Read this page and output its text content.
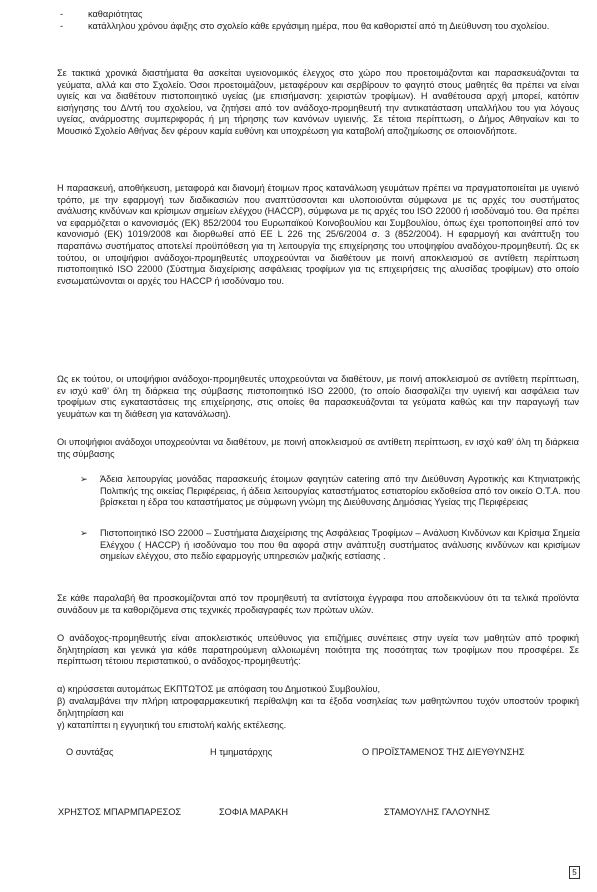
-	καθαριότητας
-	κατάλληλου χρόνου άφιξης στο σχολείο κάθε εργάσιμη ημέρα, που θα καθοριστεί από τη Διεύθυνση του σχολείου.
Σε τακτικά χρονικά διαστήματα θα ασκείται υγειονομικός έλεγχος στο χώρο που προετοιμάζονται και παρασκευάζονται τα γεύματα, αλλά και στο Σχολείο. Όσοι προετοιμάζουν, μεταφέρουν και σερβίρουν το φαγητό στους μαθητές θα πρέπει να είναι υγιείς και να διαθέτουν πιστοποιητικό υγείας (με επισήμανση: χειριστών τροφίμων). Η αναθέτουσα αρχή μπορεί, κατόπιν εισήγησης του Δ/ντή του σχολείου, να ζητήσει από τον ανάδοχο-προμηθευτή την αντικατάσταση υπαλλήλου του για λόγους υγείας, ανάρμοστης συμπεριφοράς ή μη τήρησης των κανόνων υγιεινής. Σε τέτοια περίπτωση, ο Δήμος Αθηναίων και το Μουσικό Σχολείο Αθήνας δεν φέρουν καμία ευθύνη και υποχρέωση για καταβολή αποζημίωσης σε οποιονδήποτε.
Η παρασκευή, αποθήκευση, μεταφορά και διανομή έτοιμων προς κατανάλωση γευμάτων πρέπει να πραγματοποιείται με υγιεινό τρόπο, με την εφαρμογή των διαδικασιών που αναπτύσσονται και υλοποιούνται σύμφωνα με τις αρχές του συστήματος ανάλυσης κινδύνων και κρίσιμων σημείων ελέγχου (HACCP), σύμφωνα με τις αρχές του ISO 22000 ή ισοδύναμό του. Θα πρέπει να εφαρμόζεται ο κανονισμός (ΕΚ) 852/2004 του Ευρωπαϊκού Κοινοβουλίου και Συμβουλίου, όπως έχει τροποποιηθεί από τον κανονισμό (ΕΚ) 1019/2008 και διορθωθεί από ΕΕ L 226 της 25/6/2004 σ. 3 (852/2004). Η εφαρμογή και ανάπτυξη του παραπάνω συστήματος αποτελεί προϋπόθεση για τη λειτουργία της επιχείρησης του υποψηφίου αναδόχου-προμηθευτή. Ως εκ τούτου, οι υποψήφιοι ανάδοχοι-προμηθευτές υποχρεούνται να διαθέτουν με ποινή αποκλεισμού σε αντίθετη περίπτωση πιστοποιητικό ISO 22000 (Σύστημα διαχείρισης ασφάλειας τροφίμων για τις επιχειρήσεις της αλυσίδας τροφίμων) στο οποίο ενσωματώνονται οι αρχές του HACCP ή ισοδύναμο του.
Ως εκ τούτου, οι υποψήφιοι ανάδοχοι-προμηθευτές υποχρεούνται να διαθέτουν, με ποινή αποκλεισμού σε αντίθετη περίπτωση, εν ισχύ καθ’ όλη τη διάρκεια της σύμβασης πιστοποιητικό ISO 22000, (το οποίο διασφαλίζει την υγιεινή και ασφάλεια των τροφίμων στις εγκαταστάσεις της επιχείρησης, στις οποίες θα παρασκευάζονται τα γεύματα καθώς και την παραγωγή των γευμάτων και τη διάθεση για κατανάλωση).
Οι υποψήφιοι ανάδοχοι υποχρεούνται να διαθέτουν, με ποινή αποκλεισμού σε αντίθετη περίπτωση, εν ισχύ καθ’ όλη τη διάρκεια της σύμβασης
➢ Άδεια λειτουργίας μονάδας παρασκευής έτοιμων φαγητών catering από την Διεύθυνση Αγροτικής και Κτηνιατρικής Πολιτικής της οικείας Περιφέρειας, ή άδεια λειτουργίας καταστήματος εστιατορίου εκδοθείσα από τον οικείο Ο.Τ.Α. που βρίσκεται η έδρα του καταστήματος με σύμφωνη γνώμη της Διεύθυνσης Δημόσιας Υγείας της Περιφέρειας
➢ Πιστοποιητικό ISO 22000 – Συστήματα Διαχείρισης της Ασφάλειας Τροφίμων – Ανάλυση Κινδύνων και Κρίσιμα Σημεία Ελέγχου ( HACCP) ή ισοδύναμο του που θα αφορά στην ανάπτυξη συστήματος ανάλυσης κινδύνων και κρισίμων σημείων ελέγχου, στο πεδίο εφαρμογής υπηρεσιών μαζικής εστίασης .
Σε κάθε παραλαβή θα προσκομίζονται από τον προμηθευτή τα αντίστοιχα έγγραφα που αποδεικνύουν ότι τα τελικά προϊόντα συνάδουν με τα καθοριζόμενα στις τεχνικές προδιαγραφές των πρώτων υλών.
Ο ανάδοχος-προμηθευτής είναι αποκλειστικός υπεύθυνος για επιζήμιες συνέπειες στην υγεία των μαθητών από τροφική δηλητηρίαση και γενικά για κάθε παρατηρούμενη αλλοιωμένη ποιότητα της ποσότητας των τροφίμων που προσφέρει. Σε περίπτωση τέτοιου περιστατικού, ο ανάδοχος-προμηθευτής:
α) κηρύσσεται αυτομάτως ΕΚΠΤΩΤΟΣ με απόφαση του Δημοτικού Συμβουλίου,
β) αναλαμβάνει την πλήρη ιατροφαρμακευτική περίθαλψη και τα έξοδα νοσηλείας των μαθητώνπου τυχόν υποστούν τροφική δηλητηρίαση και
γ) καταπίπτει η εγγυητική του επιστολή καλής εκτέλεσης.
Ο συντάξας	Η τμηματάρχης	Ο ΠΡΟΪΣΤΑΜΕΝΟΣ ΤΗΣ ΔΙΕΥΘΥΝΣΗΣ
ΧΡΗΣΤΟΣ ΜΠΑΡΜΠΑΡΕΣΟΣ	ΣΟΦΙΑ ΜΑΡΑΚΗ	ΣΤΑΜΟΥΛΗΣ ΓΑΛΟΥΝΗΣ
5
